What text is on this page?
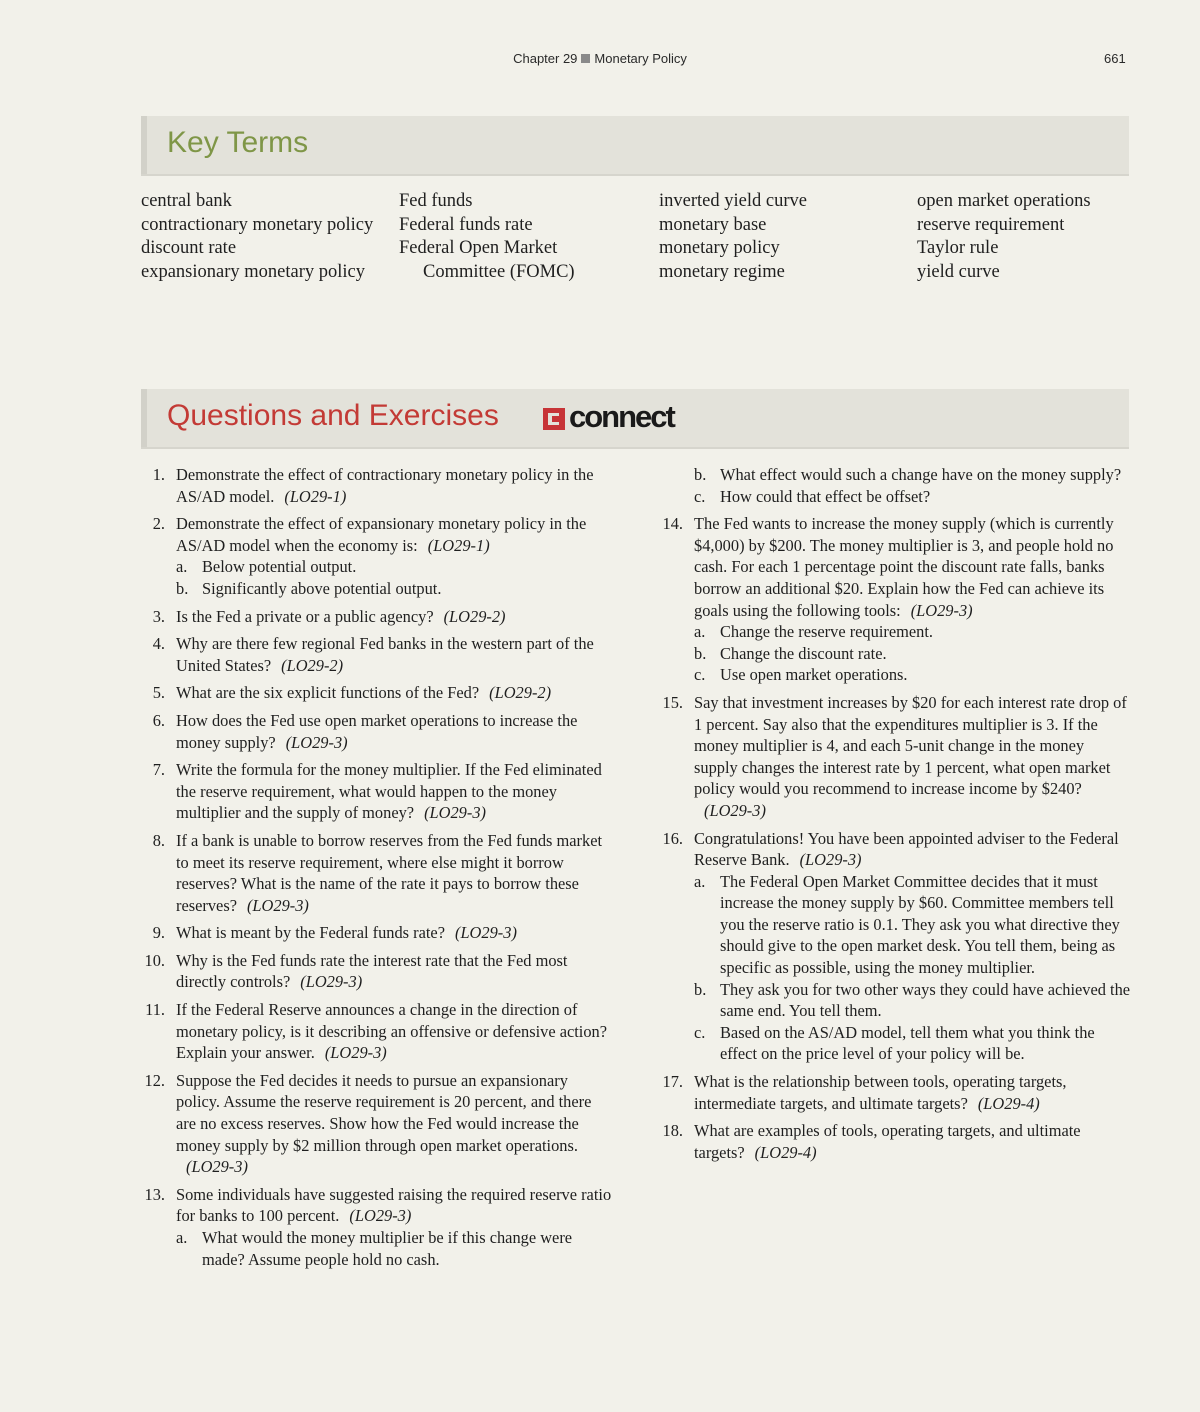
Chapter 29 Monetary Policy	661
Key Terms
central bank
contractionary monetary policy
discount rate
expansionary monetary policy
Fed funds
Federal funds rate
Federal Open Market Committee (FOMC)
inverted yield curve
monetary base
monetary policy
monetary regime
open market operations
reserve requirement
Taylor rule
yield curve
Questions and Exercises connect
1. Demonstrate the effect of contractionary monetary policy in the AS/AD model. (LO29-1)
2. Demonstrate the effect of expansionary monetary policy in the AS/AD model when the economy is: (LO29-1)
a. Below potential output.
b. Significantly above potential output.
3. Is the Fed a private or a public agency? (LO29-2)
4. Why are there few regional Fed banks in the western part of the United States? (LO29-2)
5. What are the six explicit functions of the Fed? (LO29-2)
6. How does the Fed use open market operations to increase the money supply? (LO29-3)
7. Write the formula for the money multiplier. If the Fed eliminated the reserve requirement, what would happen to the money multiplier and the supply of money? (LO29-3)
8. If a bank is unable to borrow reserves from the Fed funds market to meet its reserve requirement, where else might it borrow reserves? What is the name of the rate it pays to borrow these reserves? (LO29-3)
9. What is meant by the Federal funds rate? (LO29-3)
10. Why is the Fed funds rate the interest rate that the Fed most directly controls? (LO29-3)
11. If the Federal Reserve announces a change in the direction of monetary policy, is it describing an offensive or defensive action? Explain your answer. (LO29-3)
12. Suppose the Fed decides it needs to pursue an expansionary policy. Assume the reserve requirement is 20 percent, and there are no excess reserves. Show how the Fed would increase the money supply by $2 million through open market operations.(LO29-3)
13. Some individuals have suggested raising the required reserve ratio for banks to 100 percent. (LO29-3)
a. What would the money multiplier be if this change were made? Assume people hold no cash.
b. What effect would such a change have on the money supply?
c. How could that effect be offset?
14. The Fed wants to increase the money supply (which is currently $4,000) by $200. The money multiplier is 3, and people hold no cash. For each 1 percentage point the discount rate falls, banks borrow an additional $20. Explain how the Fed can achieve its goals using the following tools: (LO29-3)
a. Change the reserve requirement.
b. Change the discount rate.
c. Use open market operations.
15. Say that investment increases by $20 for each interest rate drop of 1 percent. Say also that the expenditures multiplier is 3. If the money multiplier is 4, and each 5-unit change in the money supply changes the interest rate by 1 percent, what open market policy would you recommend to increase income by $240?(LO29-3)
16. Congratulations! You have been appointed adviser to the Federal Reserve Bank. (LO29-3)
a. The Federal Open Market Committee decides that it must increase the money supply by $60. Committee members tell you the reserve ratio is 0.1. They ask you what directive they should give to the open market desk. You tell them, being as specific as possible, using the money multiplier.
b. They ask you for two other ways they could have achieved the same end. You tell them.
c. Based on the AS/AD model, tell them what you think the effect on the price level of your policy will be.
17. What is the relationship between tools, operating targets, intermediate targets, and ultimate targets? (LO29-4)
18. What are examples of tools, operating targets, and ultimate targets? (LO29-4)
